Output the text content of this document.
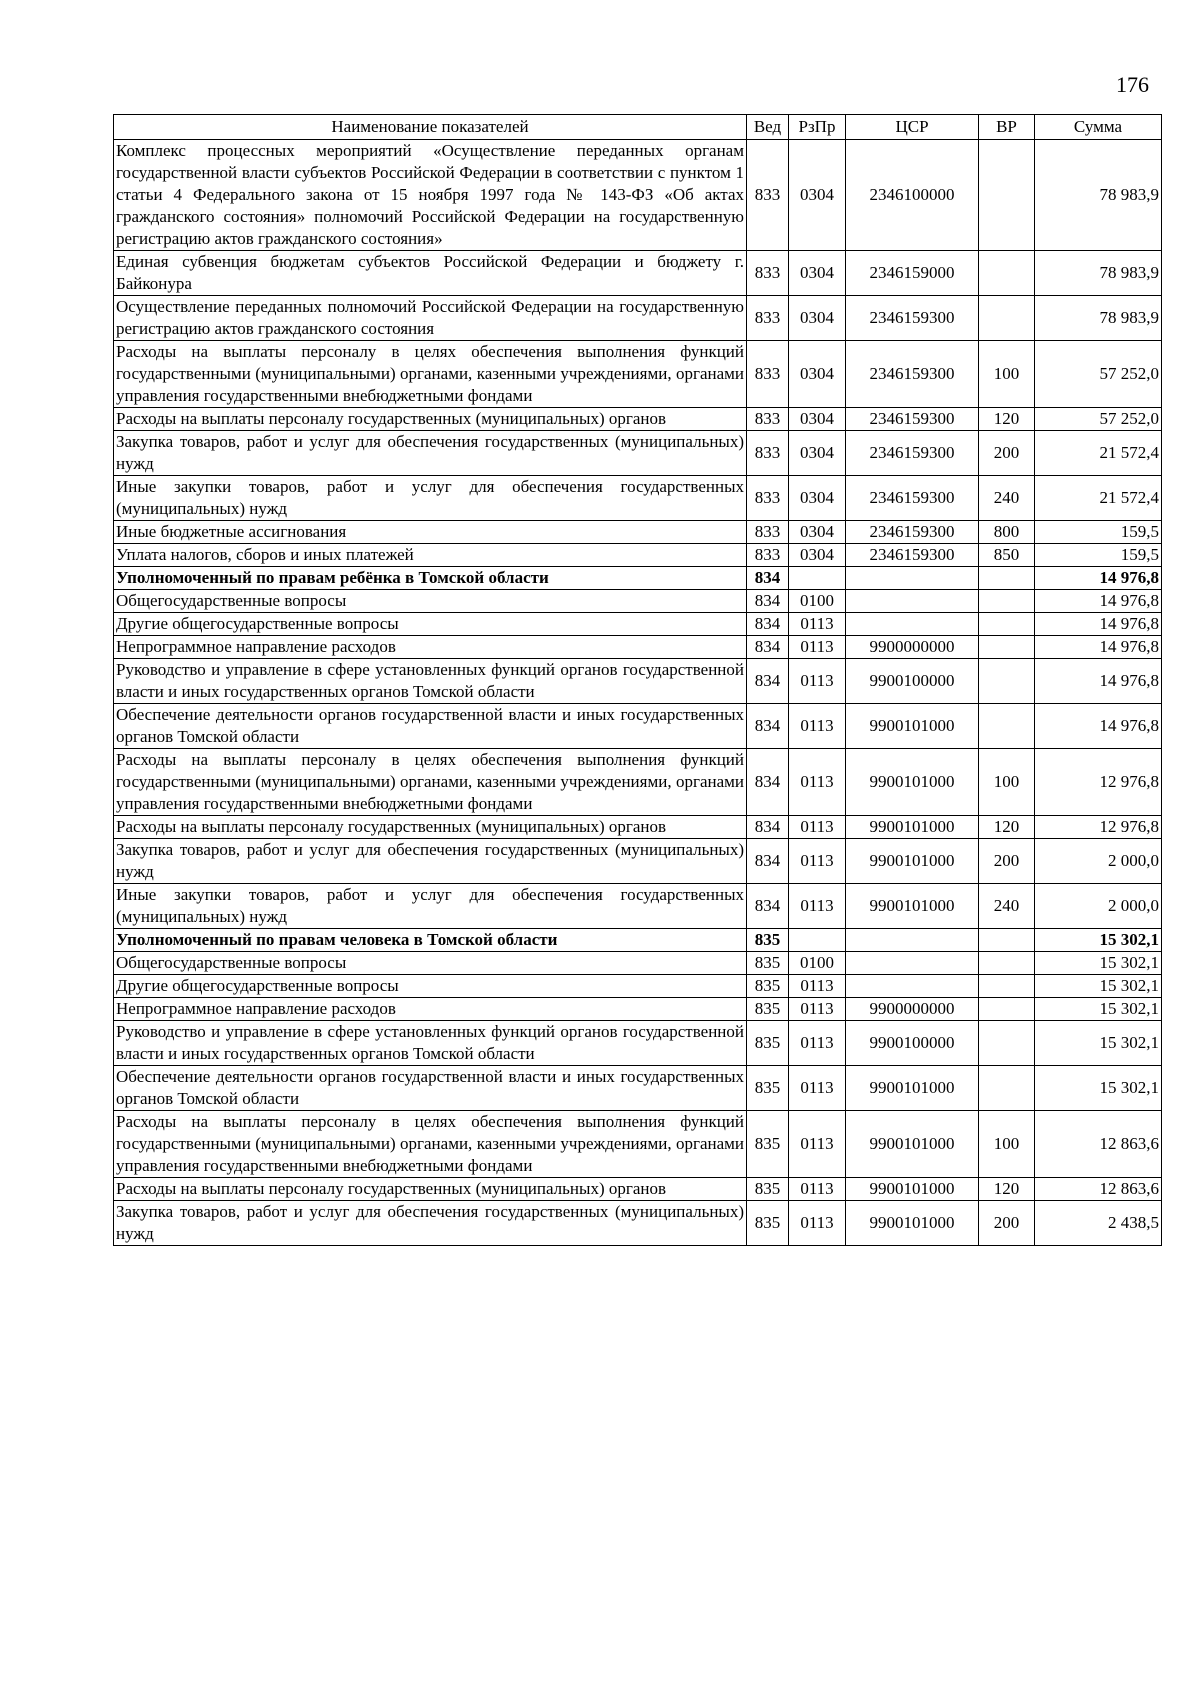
176
Наименование показателей	Вед	РзПр	ЦСР	ВР	Сумма
Комплекс процессных мероприятий «Осуществление переданных органам государственной власти субъектов Российской Федерации в соответствии с пунктом 1 статьи 4 Федерального закона от 15 ноября 1997 года № 143-ФЗ «Об актах гражданского состояния» полномочий Российской Федерации на государственную регистрацию актов гражданского состояния»	833	0304	2346100000		78 983,9
Единая субвенция бюджетам субъектов Российской Федерации и бюджету г. Байконура	833	0304	2346159000		78 983,9
Осуществление переданных полномочий Российской Федерации на государственную регистрацию актов гражданского состояния	833	0304	2346159300		78 983,9
Расходы на выплаты персоналу в целях обеспечения выполнения функций государственными (муниципальными) органами, казенными учреждениями, органами управления государственными внебюджетными фондами	833	0304	2346159300	100	57 252,0
Расходы на выплаты персоналу государственных (муниципальных) органов	833	0304	2346159300	120	57 252,0
Закупка товаров, работ и услуг для обеспечения государственных (муниципальных) нужд	833	0304	2346159300	200	21 572,4
Иные закупки товаров, работ и услуг для обеспечения государственных (муниципальных) нужд	833	0304	2346159300	240	21 572,4
Иные бюджетные ассигнования	833	0304	2346159300	800	159,5
Уплата налогов, сборов и иных платежей	833	0304	2346159300	850	159,5
Уполномоченный по правам ребёнка в Томской области	834				14 976,8
Общегосударственные вопросы	834	0100			14 976,8
Другие общегосударственные вопросы	834	0113			14 976,8
Непрограммное направление расходов	834	0113	9900000000		14 976,8
Руководство и управление в сфере установленных функций органов государственной власти и иных государственных органов Томской области	834	0113	9900100000		14 976,8
Обеспечение деятельности органов государственной власти и иных государственных органов Томской области	834	0113	9900101000		14 976,8
Расходы на выплаты персоналу в целях обеспечения выполнения функций государственными (муниципальными) органами, казенными учреждениями, органами управления государственными внебюджетными фондами	834	0113	9900101000	100	12 976,8
Расходы на выплаты персоналу государственных (муниципальных) органов	834	0113	9900101000	120	12 976,8
Закупка товаров, работ и услуг для обеспечения государственных (муниципальных) нужд	834	0113	9900101000	200	2 000,0
Иные закупки товаров, работ и услуг для обеспечения государственных (муниципальных) нужд	834	0113	9900101000	240	2 000,0
Уполномоченный по правам человека в Томской области	835				15 302,1
Общегосударственные вопросы	835	0100			15 302,1
Другие общегосударственные вопросы	835	0113			15 302,1
Непрограммное направление расходов	835	0113	9900000000		15 302,1
Руководство и управление в сфере установленных функций органов государственной власти и иных государственных органов Томской области	835	0113	9900100000		15 302,1
Обеспечение деятельности органов государственной власти и иных государственных органов Томской области	835	0113	9900101000		15 302,1
Расходы на выплаты персоналу в целях обеспечения выполнения функций государственными (муниципальными) органами, казенными учреждениями, органами управления государственными внебюджетными фондами	835	0113	9900101000	100	12 863,6
Расходы на выплаты персоналу государственных (муниципальных) органов	835	0113	9900101000	120	12 863,6
Закупка товаров, работ и услуг для обеспечения государственных (муниципальных) нужд	835	0113	9900101000	200	2 438,5
